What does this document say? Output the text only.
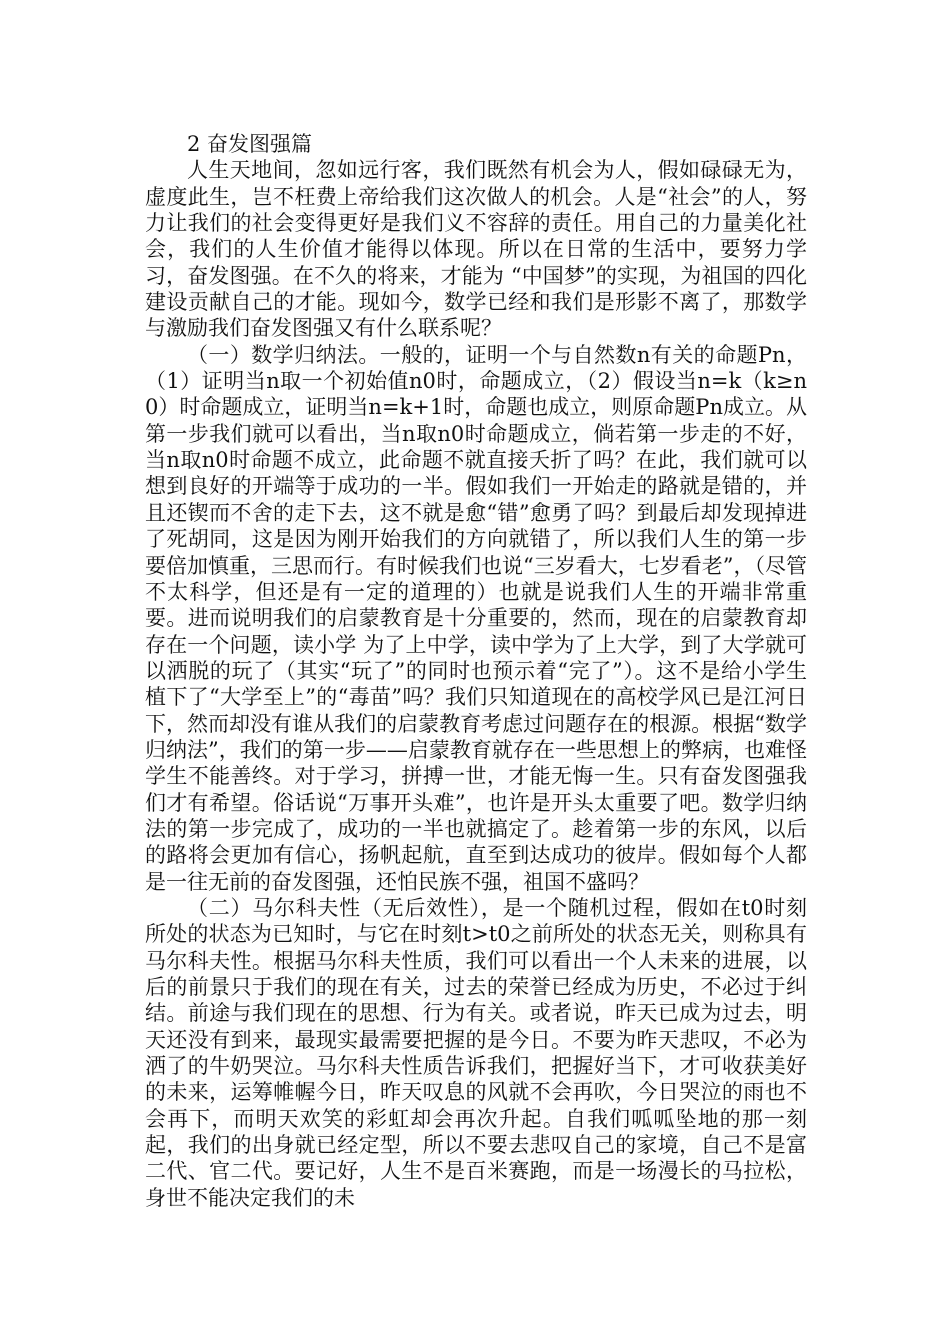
2 奋发图强篇

人生天地间，忽如远行客，我们既然有机会为人，假如碌碌无为，虚度此生，岂不枉费上帝给我们这次做人的机会。人是“社会”的人，努力让我们的社会变得更好是我们义不容辞的责任。用自己的力量美化社会，我们的人生价值才能得以体现。所以在日常的生活中，要努力学习，奋发图强。在不久的将来，才能为 “中国梦”的实现，为祖国的四化建设贡献自己的才能。现如今，数学已经和我们是形影不离了，那数学与激励我们奋发图强又有什么联系呢？

（一）数学归纳法。一般的，证明一个与自然数n有关的命题Pn，（1）证明当n取一个初始值n0时，命题成立，（2）假设当n=k（k≥n0）时命题成立，证明当n=k+1时，命题也成立，则原命题Pn成立。从第一步我们就可以看出，当n取n0时命题成立，倘若第一步走的不好，当n取n0时命题不成立，此命题不就直接夭折了吗？在此，我们就可以想到良好的开端等于成功的一半。假如我们一开始走的路就是错的，并且还锲而不舍的走下去，这不就是愈“错”愈勇了吗？到最后却发现掉进了死胡同，这是因为刚开始我们的方向就错了，所以我们人生的第一步要倍加慎重，三思而行。有时候我们也说“三岁看大，七岁看老”，（尽管不太科学，但还是有一定的道理的）也就是说我们人生的开端非常重要。进而说明我们的启蒙教育是十分重要的，然而，现在的启蒙教育却存在一个问题，读小学 为了上中学，读中学为了上大学，到了大学就可以洒脱的玩了（其实“玩了”的同时也预示着“完了”）。这不是给小学生植下了“大学至上”的“毒苗”吗？我们只知道现在的高校学风已是江河日下，然而却没有谁从我们的启蒙教育考虑过问题存在的根源。根据“数学归纳法”，我们的第一步——启蒙教育就存在一些思想上的弊病，也难怪学生不能善终。对于学习，拼搏一世，才能无悔一生。只有奋发图强我们才有希望。俗话说“万事开头难”，也许是开头太重要了吧。数学归纳法的第一步完成了，成功的一半也就搞定了。趁着第一步的东风，以后的路将会更加有信心，扬帆起航，直至到达成功的彼岸。假如每个人都是一往无前的奋发图强，还怕民族不强，祖国不盛吗？

（二）马尔科夫性（无后效性），是一个随机过程，假如在t0时刻所处的状态为已知时，与它在时刻t>t0之前所处的状态无关，则称具有马尔科夫性。根据马尔科夫性质，我们可以看出一个人未来的进展，以后的前景只于我们的现在有关，过去的荣誉已经成为历史，不必过于纠结。前途与我们现在的思想、行为有关。或者说，昨天已成为过去，明天还没有到来，最现实最需要把握的是今日。不要为昨天悲叹，不必为洒了的牛奶哭泣。马尔科夫性质告诉我们，把握好当下，才可收获美好的未来，运筹帷幄今日，昨天叹息的风就不会再吹，今日哭泣的雨也不会再下，而明天欢笑的彩虹却会再次升起。自我们呱呱坠地的那一刻起，我们的出身就已经定型，所以不要去悲叹自己的家境，自己不是富二代、官二代。要记好，人生不是百米赛跑，而是一场漫长的马拉松，身世不能决定我们的未
